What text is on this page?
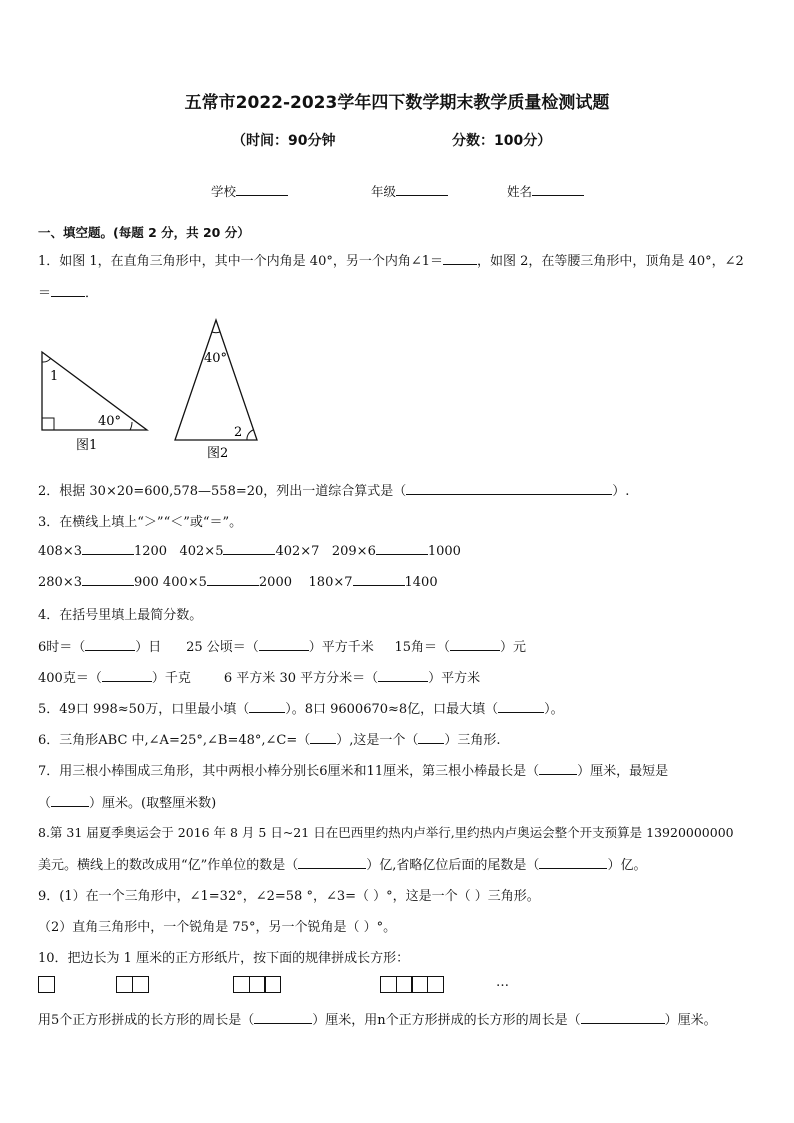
五常市2022-2023学年四下数学期末教学质量检测试题
（时间：90分钟	分数：100分）
学校	年级	姓名
一、填空题。(每题 2 分，共 20 分）
1．如图 1，在直角三角形中，其中一个内角是 40°，另一个内角∠1＝	，如图 2，在等腰三角形中，顶角是 40°，∠2
＝	．
1
40°
图1
40°
2
图2
2．根据 30×20=600,578—558=20，列出一道综合算式是（	）.
3．在横线上填上“＞”“＜”或“＝”。
408×3	1200 402×5	402×7 209×6	1000
280×3	900 400×5	2000 180×7	1400
4．在括号里填上最简分数。
6时＝（	）日 25 公顷＝（	）平方千米 15角＝（	）元
400克＝（	）千克	6 平方米 30 平方分米＝（	）平方米
5．49口 998≈50万，口里最小填（	）。8口 9600670≈8亿，口最大填（	）。
6．三角形ABC 中,∠A=25°,∠B=48°,∠C=（ ）,这是一个（ ）三角形.
7．用三根小棒围成三角形，其中两根小棒分别长6厘米和11厘米，第三根小棒最长是（	）厘米，最短是
（	）厘米。(取整厘米数)
8.第 31 届夏季奥运会于 2016 年 8 月 5 日~21 日在巴西里约热内卢举行,里约热内卢奥运会整个开支预算是 13920000000
美元。横线上的数改成用“亿”作单位的数是（	）亿,省略亿位后面的尾数是（	）亿。
9．(1）在一个三角形中，∠1=32°，∠2=58 °，∠3=（ ）°，这是一个（ ）三角形。
（2）直角三角形中，一个锐角是 75°，另一个锐角是（ ）°。
10．把边长为 1 厘米的正方形纸片，按下面的规律拼成长方形：
…
用5个正方形拼成的长方形的周长是（	）厘米，用n个正方形拼成的长方形的周长是（	）厘米。
